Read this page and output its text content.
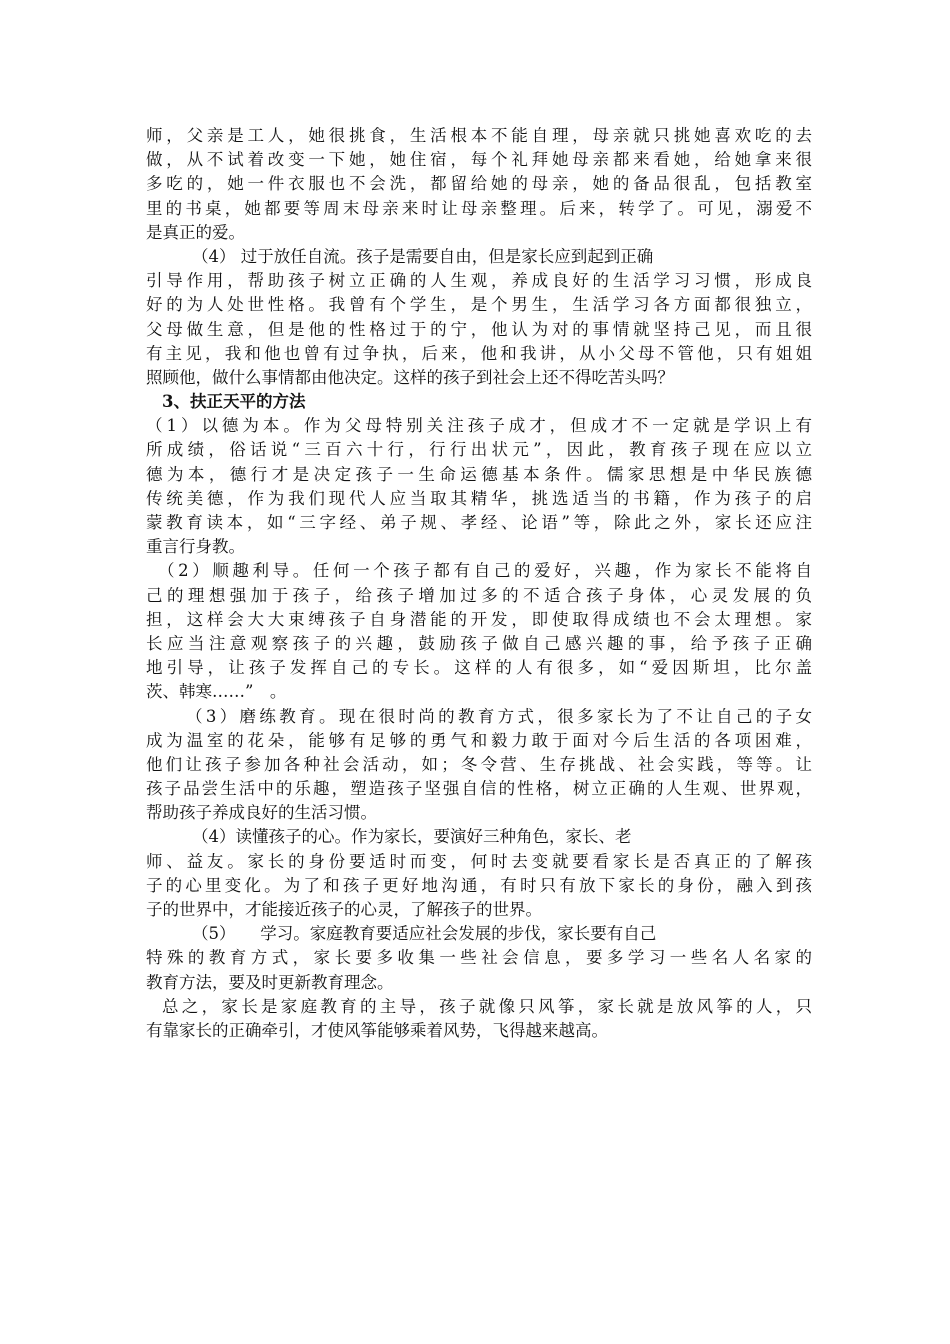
师，父亲是工人，她很挑食，生活根本不能自理，母亲就只挑她喜欢吃的去
做，从不试着改变一下她，她住宿，每个礼拜她母亲都来看她，给她拿来很
多吃的，她一件衣服也不会洗，都留给她的母亲，她的备品很乱，包括教室
里的书桌，她都要等周末母亲来时让母亲整理。后来，转学了。可见，溺爱不
是真正的爱。
（4） 过于放任自流。孩子是需要自由，但是家长应到起到正确
引导作用，帮助孩子树立正确的人生观，养成良好的生活学习习惯，形成良
好的为人处世性格。我曾有个学生，是个男生，生活学习各方面都很独立，
父母做生意，但是他的性格过于的宁，他认为对的事情就坚持己见，而且很
有主见，我和他也曾有过争执，后来，他和我讲，从小父母不管他，只有姐姐
照顾他，做什么事情都由他决定。这样的孩子到社会上还不得吃苦头吗？
3、扶正天平的方法
（1）以德为本。作为父母特别关注孩子成才，但成才不一定就是学识上有
所成绩，俗话说“三百六十行，行行出状元”，因此，教育孩子现在应以立
德为本，德行才是决定孩子一生命运德基本条件。儒家思想是中华民族德
传统美德，作为我们现代人应当取其精华，挑选适当的书籍，作为孩子的启
蒙教育读本，如“三字经、弟子规、孝经、论语”等，除此之外，家长还应注
重言行身教。
（2）顺趣利导。任何一个孩子都有自己的爱好，兴趣，作为家长不能将自
己的理想强加于孩子，给孩子增加过多的不适合孩子身体，心灵发展的负
担，这样会大大束缚孩子自身潜能的开发，即使取得成绩也不会太理想。家
长应当注意观察孩子的兴趣，鼓励孩子做自己感兴趣的事，给予孩子正确
地引导，让孩子发挥自己的专长。这样的人有很多，如“爱因斯坦，比尔盖
茨、韩寒……”　。
（3）磨练教育。现在很时尚的教育方式，很多家长为了不让自己的子女
成为温室的花朵，能够有足够的勇气和毅力敢于面对今后生活的各项困难，
他们让孩子参加各种社会活动，如；冬令营、生存挑战、社会实践，等等。让
孩子品尝生活中的乐趣，塑造孩子坚强自信的性格，树立正确的人生观、世界观，
帮助孩子养成良好的生活习惯。
（4）读懂孩子的心。作为家长，要演好三种角色，家长、老
师、益友。家长的身份要适时而变，何时去变就要看家长是否真正的了解孩
子的心里变化。为了和孩子更好地沟通，有时只有放下家长的身份，融入到孩
子的世界中，才能接近孩子的心灵，了解孩子的世界。
（5）　　学习。家庭教育要适应社会发展的步伐，家长要有自己
特殊的教育方式，家长要多收集一些社会信息，要多学习一些名人名家的
教育方法，要及时更新教育理念。
总之，家长是家庭教育的主导，孩子就像只风筝，家长就是放风筝的人，只
有靠家长的正确牵引，才使风筝能够乘着风势，飞得越来越高。
